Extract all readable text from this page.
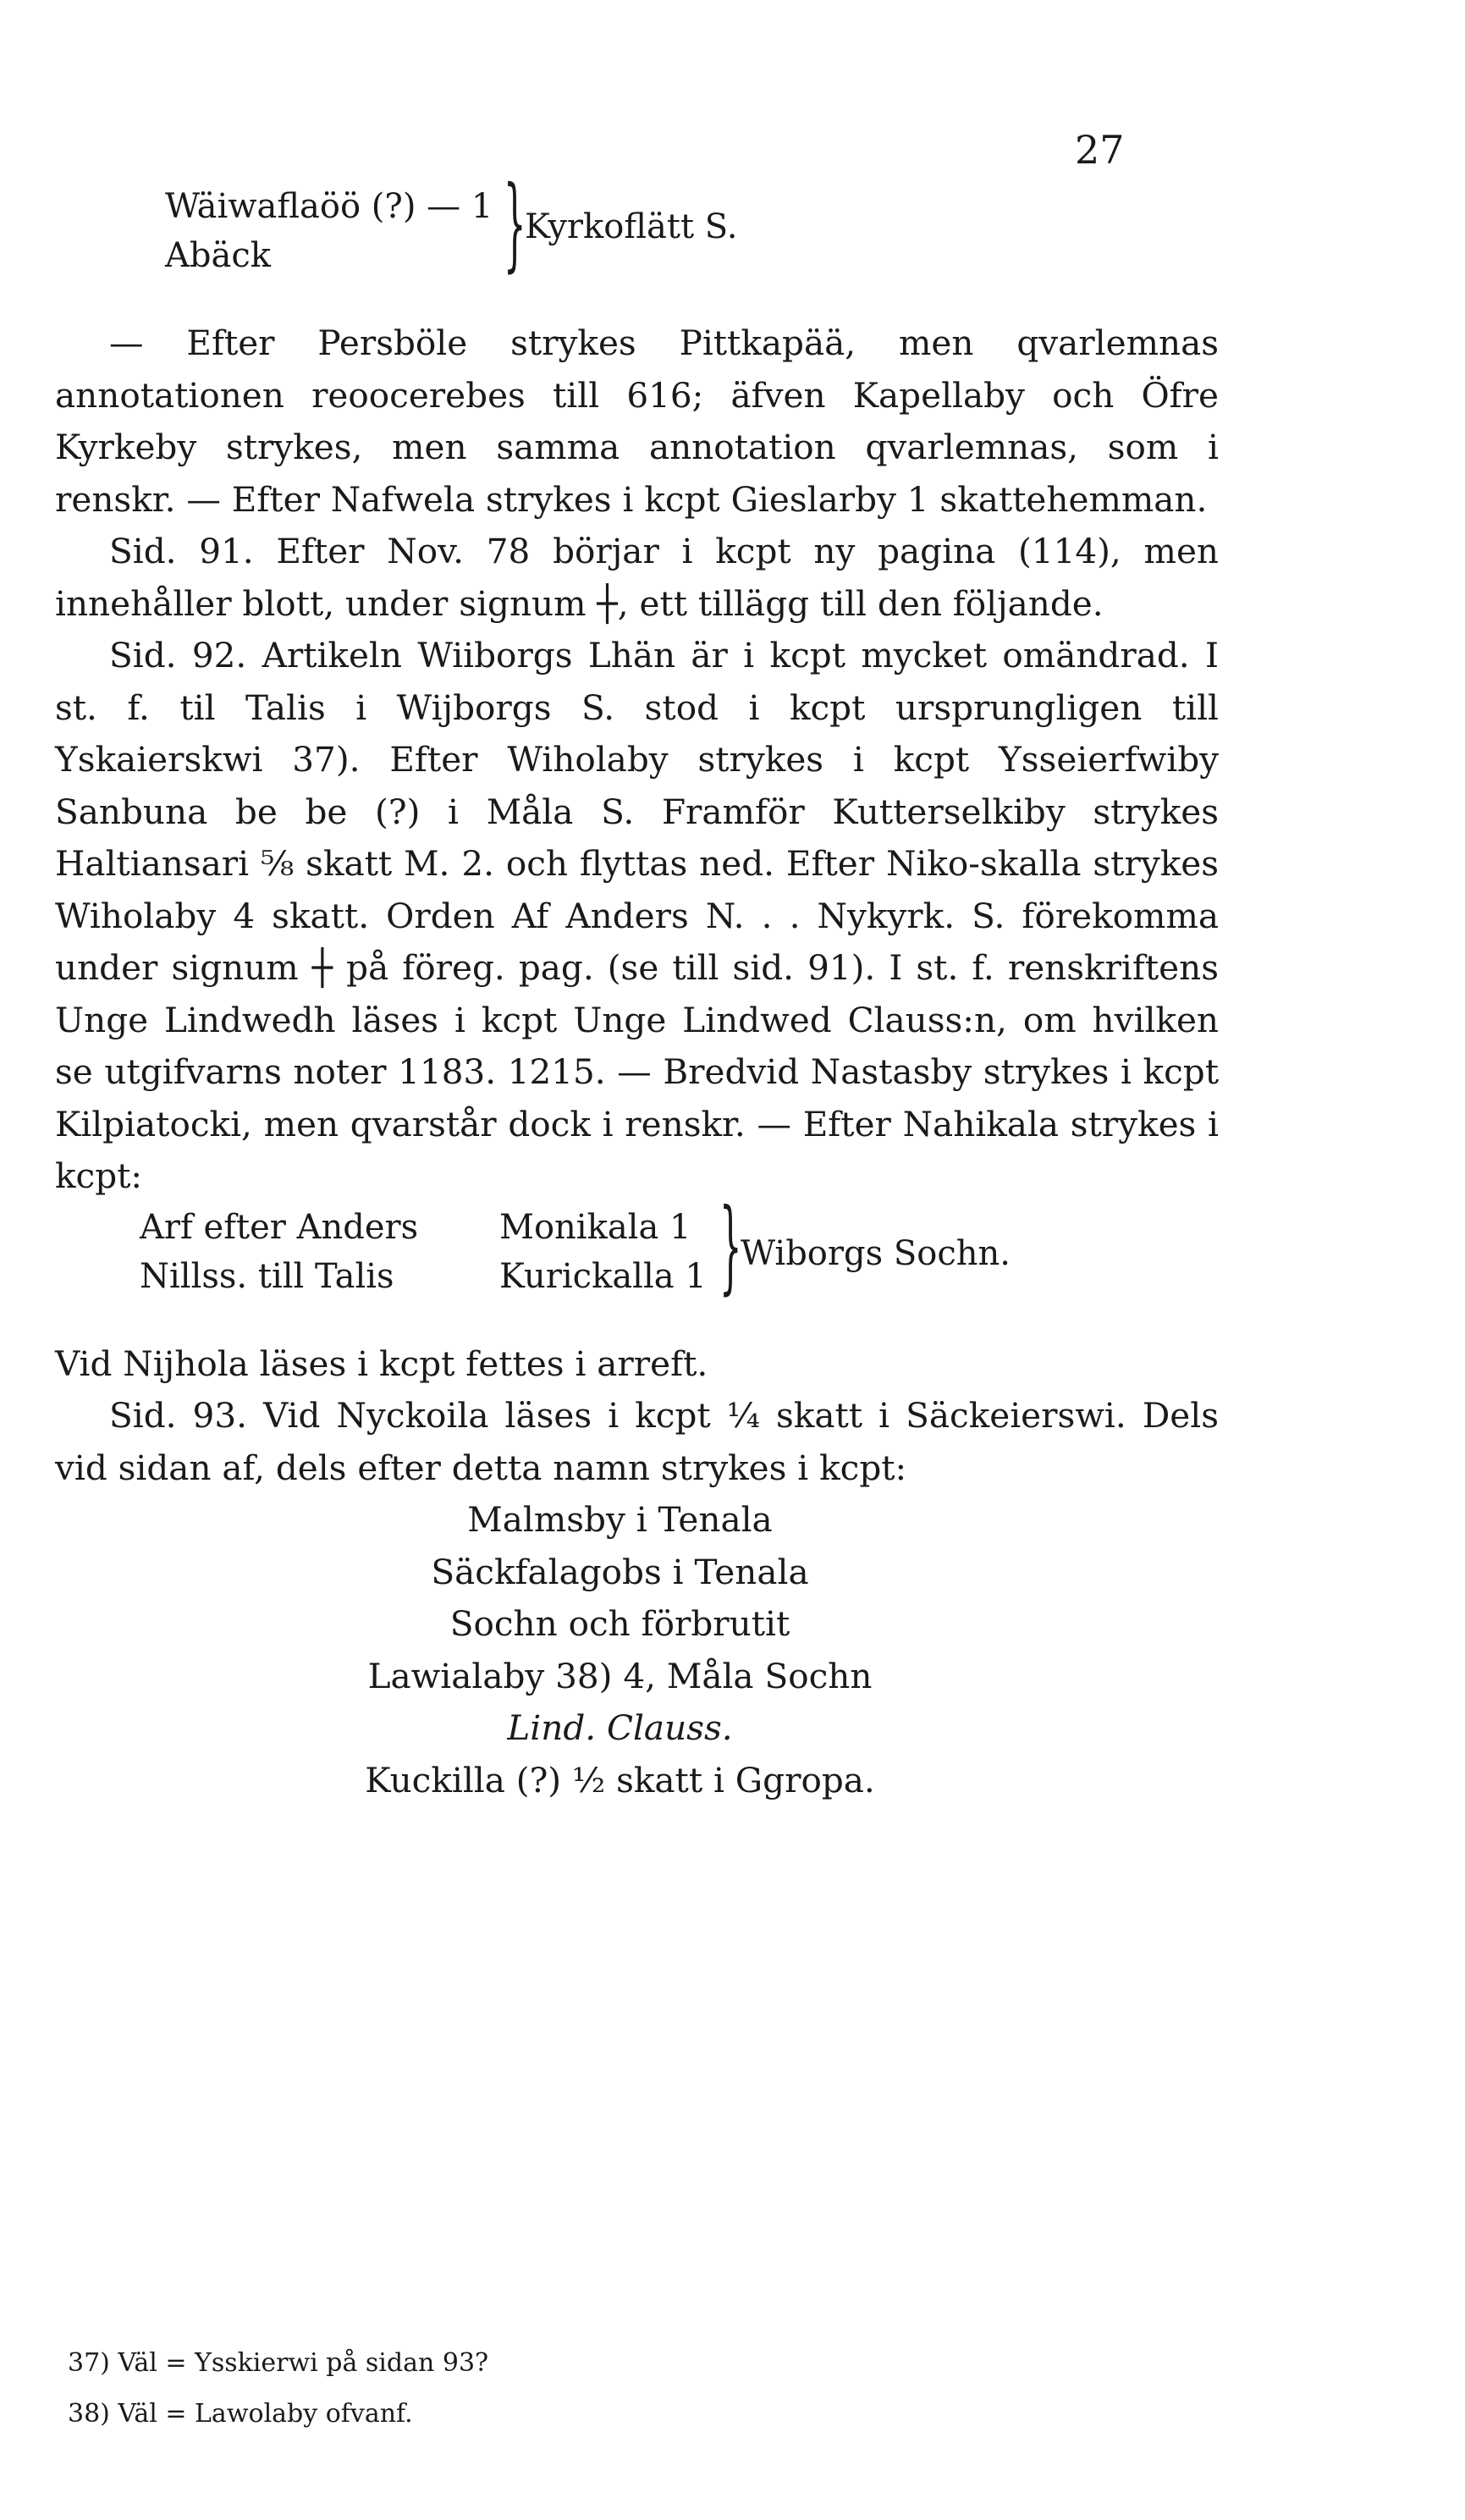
27
Wäiwaflaöö (?) — 1
Abäck	}
Kyrkoflätt S.

— Efter Persböle strykes Pittkapää, men qvarlemnas annotationen reoocerebes till 616; äfven Kapellaby och Öfre Kyrkeby strykes, men samma annotation qvarlemnas, som i renskr. — Efter Nafwela strykes i kcpt Gieslarby 1 skattehemman.

Sid. 91. Efter Nov. 78 börjar i kcpt ny pagina (114), men innehåller blott, under signum ┼, ett tillägg till den följande.

Sid. 92. Artikeln Wiiborgs Lhän är i kcpt mycket omändrad. I st. f. til Talis i Wijborgs S. stod i kcpt ursprungligen till Yskaierskwi 37). Efter Wiholaby strykes i kcpt Ysseierfwiby Sanbuna be be (?) i Måla S. Framför Kutterselkiby strykes Haltiansari ⅝ skatt M. 2. och flyttas ned. Efter Niko-skalla strykes Wiholaby 4 skatt. Orden Af Anders N. . . Nykyrk. S. förekomma under signum ┼ på föreg. pag. (se till sid. 91). I st. f. renskriftens Unge Lindwedh läses i kcpt Unge Lindwed Clauss:n, om hvilken se utgifvarns noter 1183. 1215. — Bredvid Nastasby strykes i kcpt Kilpiatocki, men qvarstår dock i renskr. — Efter Nahikala strykes i kcpt:

Arf efter Anders
Nillss. till Talis
Monikala 1
Kurickalla 1 }
Wiborgs Sochn.

Vid Nijhola läses i kcpt fettes i arreft.

Sid. 93. Vid Nyckoila läses i kcpt ¼ skatt i Säckeierswi. Dels vid sidan af, dels efter detta namn strykes i kcpt:

Malmsby i Tenala
Säckfalagobs i Tenala
Sochn och förbrutit
Lawialaby 38) 4, Måla Sochn
Lind. Clauss.
Kuckilla (?) ½ skatt i Ggropa.
37) Väl = Ysskierwi på sidan 93?
38) Väl = Lawolaby ofvanf.
